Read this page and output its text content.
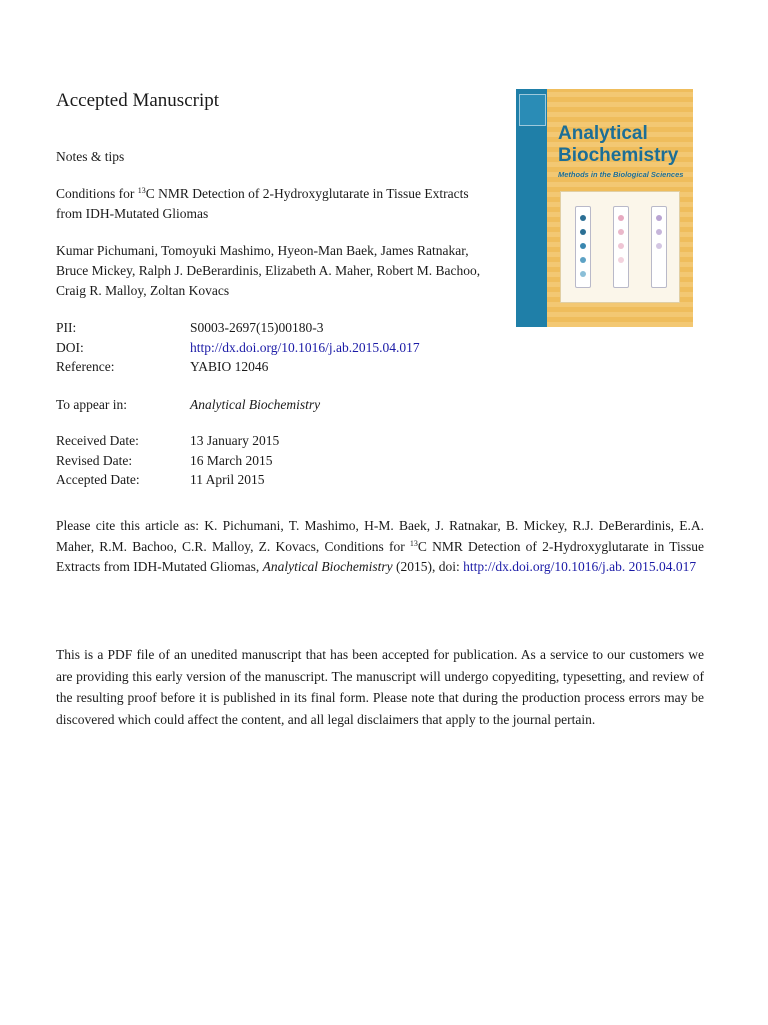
Accepted Manuscript
Notes & tips
Conditions for $^{13}$C NMR Detection of 2-Hydroxyglutarate in Tissue Extracts
from IDH-Mutated Gliomas
Kumar Pichumani, Tomoyuki Mashimo, Hyeon-Man Baek, James Ratnakar,
Bruce Mickey, Ralph J. DeBerardinis, Elizabeth A. Maher, Robert M. Bachoo,
Craig R. Malloy, Zoltan Kovacs
PII:	S0003-2697(15)00180-3
DOI:	http://dx.doi.org/10.1016/j.ab.2015.04.017
Reference:	YABIO 12046
To appear in:	Analytical Biochemistry
Received Date:	13 January 2015
Revised Date:	16 March 2015
Accepted Date:	11 April 2015
Please cite this article as: K. Pichumani, T. Mashimo, H-M. Baek, J. Ratnakar, B. Mickey, R.J. DeBerardinis, E.A. Maher, R.M. Bachoo, C.R. Malloy, Z. Kovacs, Conditions for $^{13}$C NMR Detection of 2-Hydroxyglutarate in Tissue Extracts from IDH-Mutated Gliomas, Analytical Biochemistry (2015), doi: http://dx.doi.org/10.1016/j.ab. 2015.04.017
This is a PDF file of an unedited manuscript that has been accepted for publication. As a service to our customers we are providing this early version of the manuscript. The manuscript will undergo copyediting, typesetting, and review of the resulting proof before it is published in its final form. Please note that during the production process errors may be discovered which could affect the content, and all legal disclaimers that apply to the journal pertain.
Analytical
Biochemistry
Methods in the Biological Sciences
